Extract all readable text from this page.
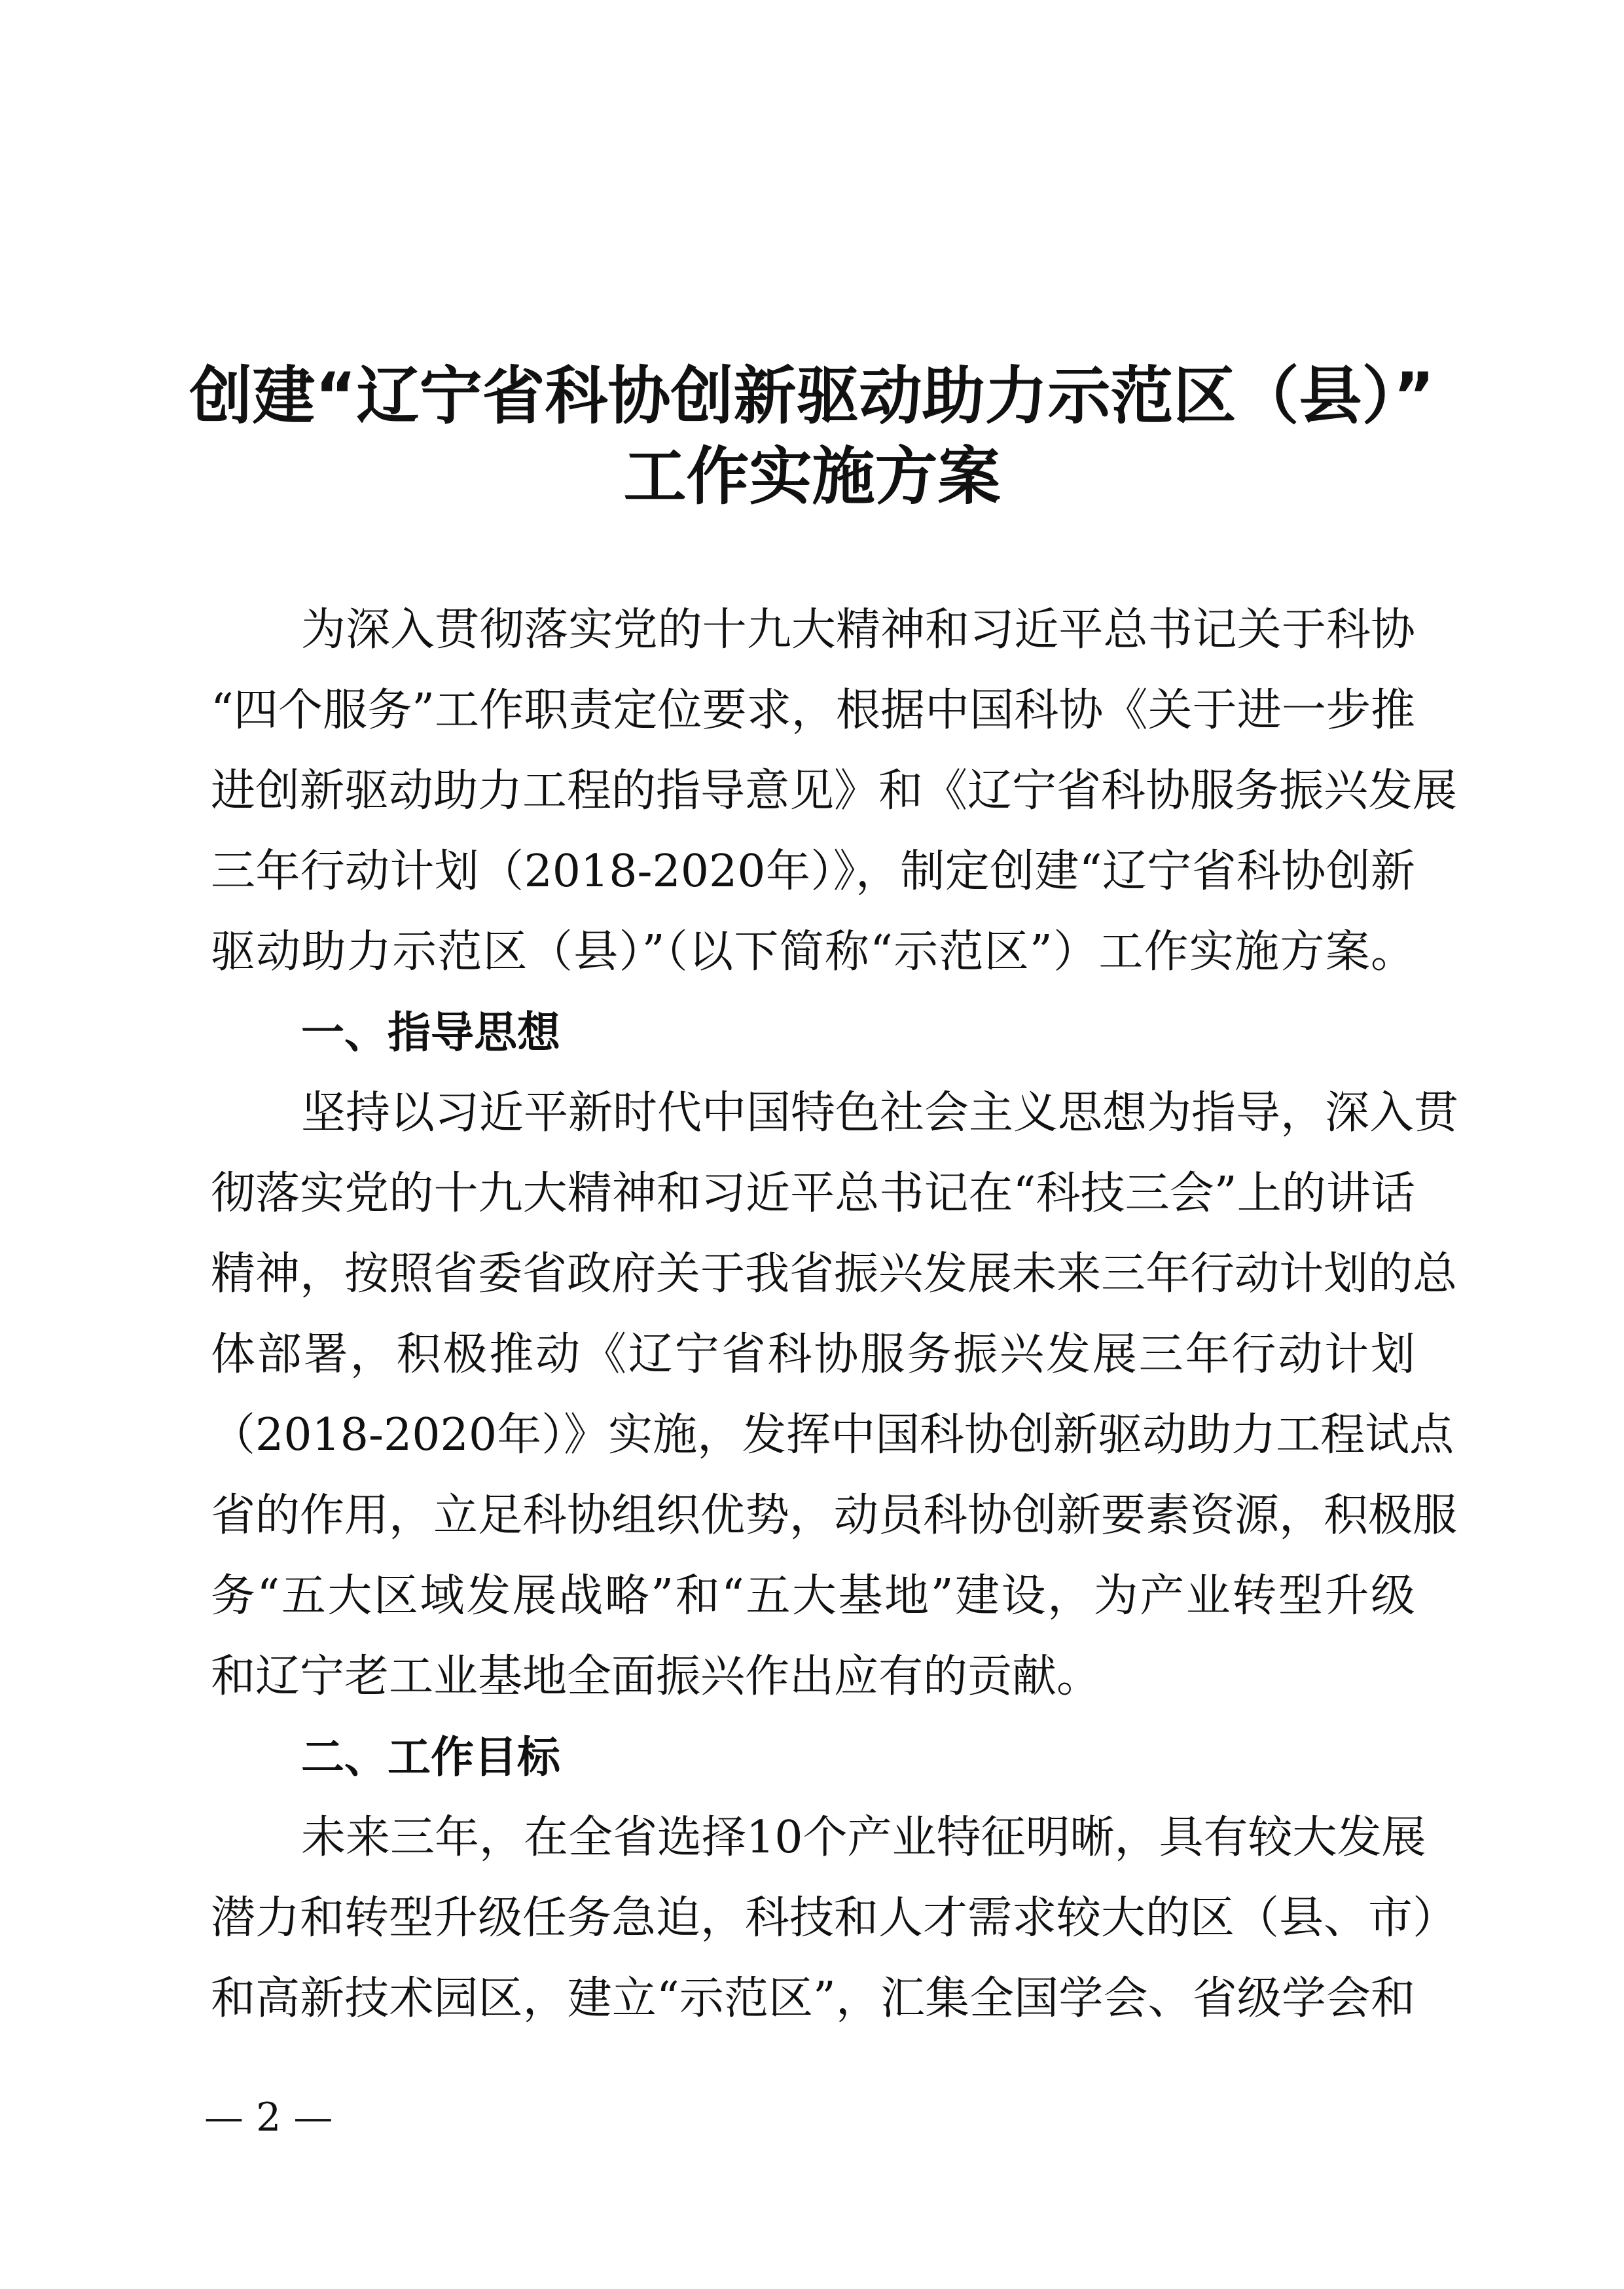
创建“辽宁省科协创新驱动助力示范区（县）”
工作实施方案
为深入贯彻落实党的十九大精神和习近平总书记关于科协
“四个服务”工作职责定位要求，根据中国科协《关于进一步推
进创新驱动助力工程的指导意见》和《辽宁省科协服务振兴发展
三年行动计划（2018-2020年）》，制定创建“辽宁省科协创新
驱动助力示范区（县）”（以下简称“示范区”）工作实施方案。
一、指导思想
坚持以习近平新时代中国特色社会主义思想为指导，深入贯
彻落实党的十九大精神和习近平总书记在“科技三会”上的讲话
精神，按照省委省政府关于我省振兴发展未来三年行动计划的总
体部署，积极推动《辽宁省科协服务振兴发展三年行动计划
（2018-2020年）》实施，发挥中国科协创新驱动助力工程试点
省的作用，立足科协组织优势，动员科协创新要素资源，积极服
务“五大区域发展战略”和“五大基地”建设，为产业转型升级
和辽宁老工业基地全面振兴作出应有的贡献。
二、工作目标
未来三年，在全省选择10个产业特征明晰，具有较大发展
潜力和转型升级任务急迫，科技和人才需求较大的区（县、市）
和高新技术园区，建立“示范区”，汇集全国学会、省级学会和
— 2 —
